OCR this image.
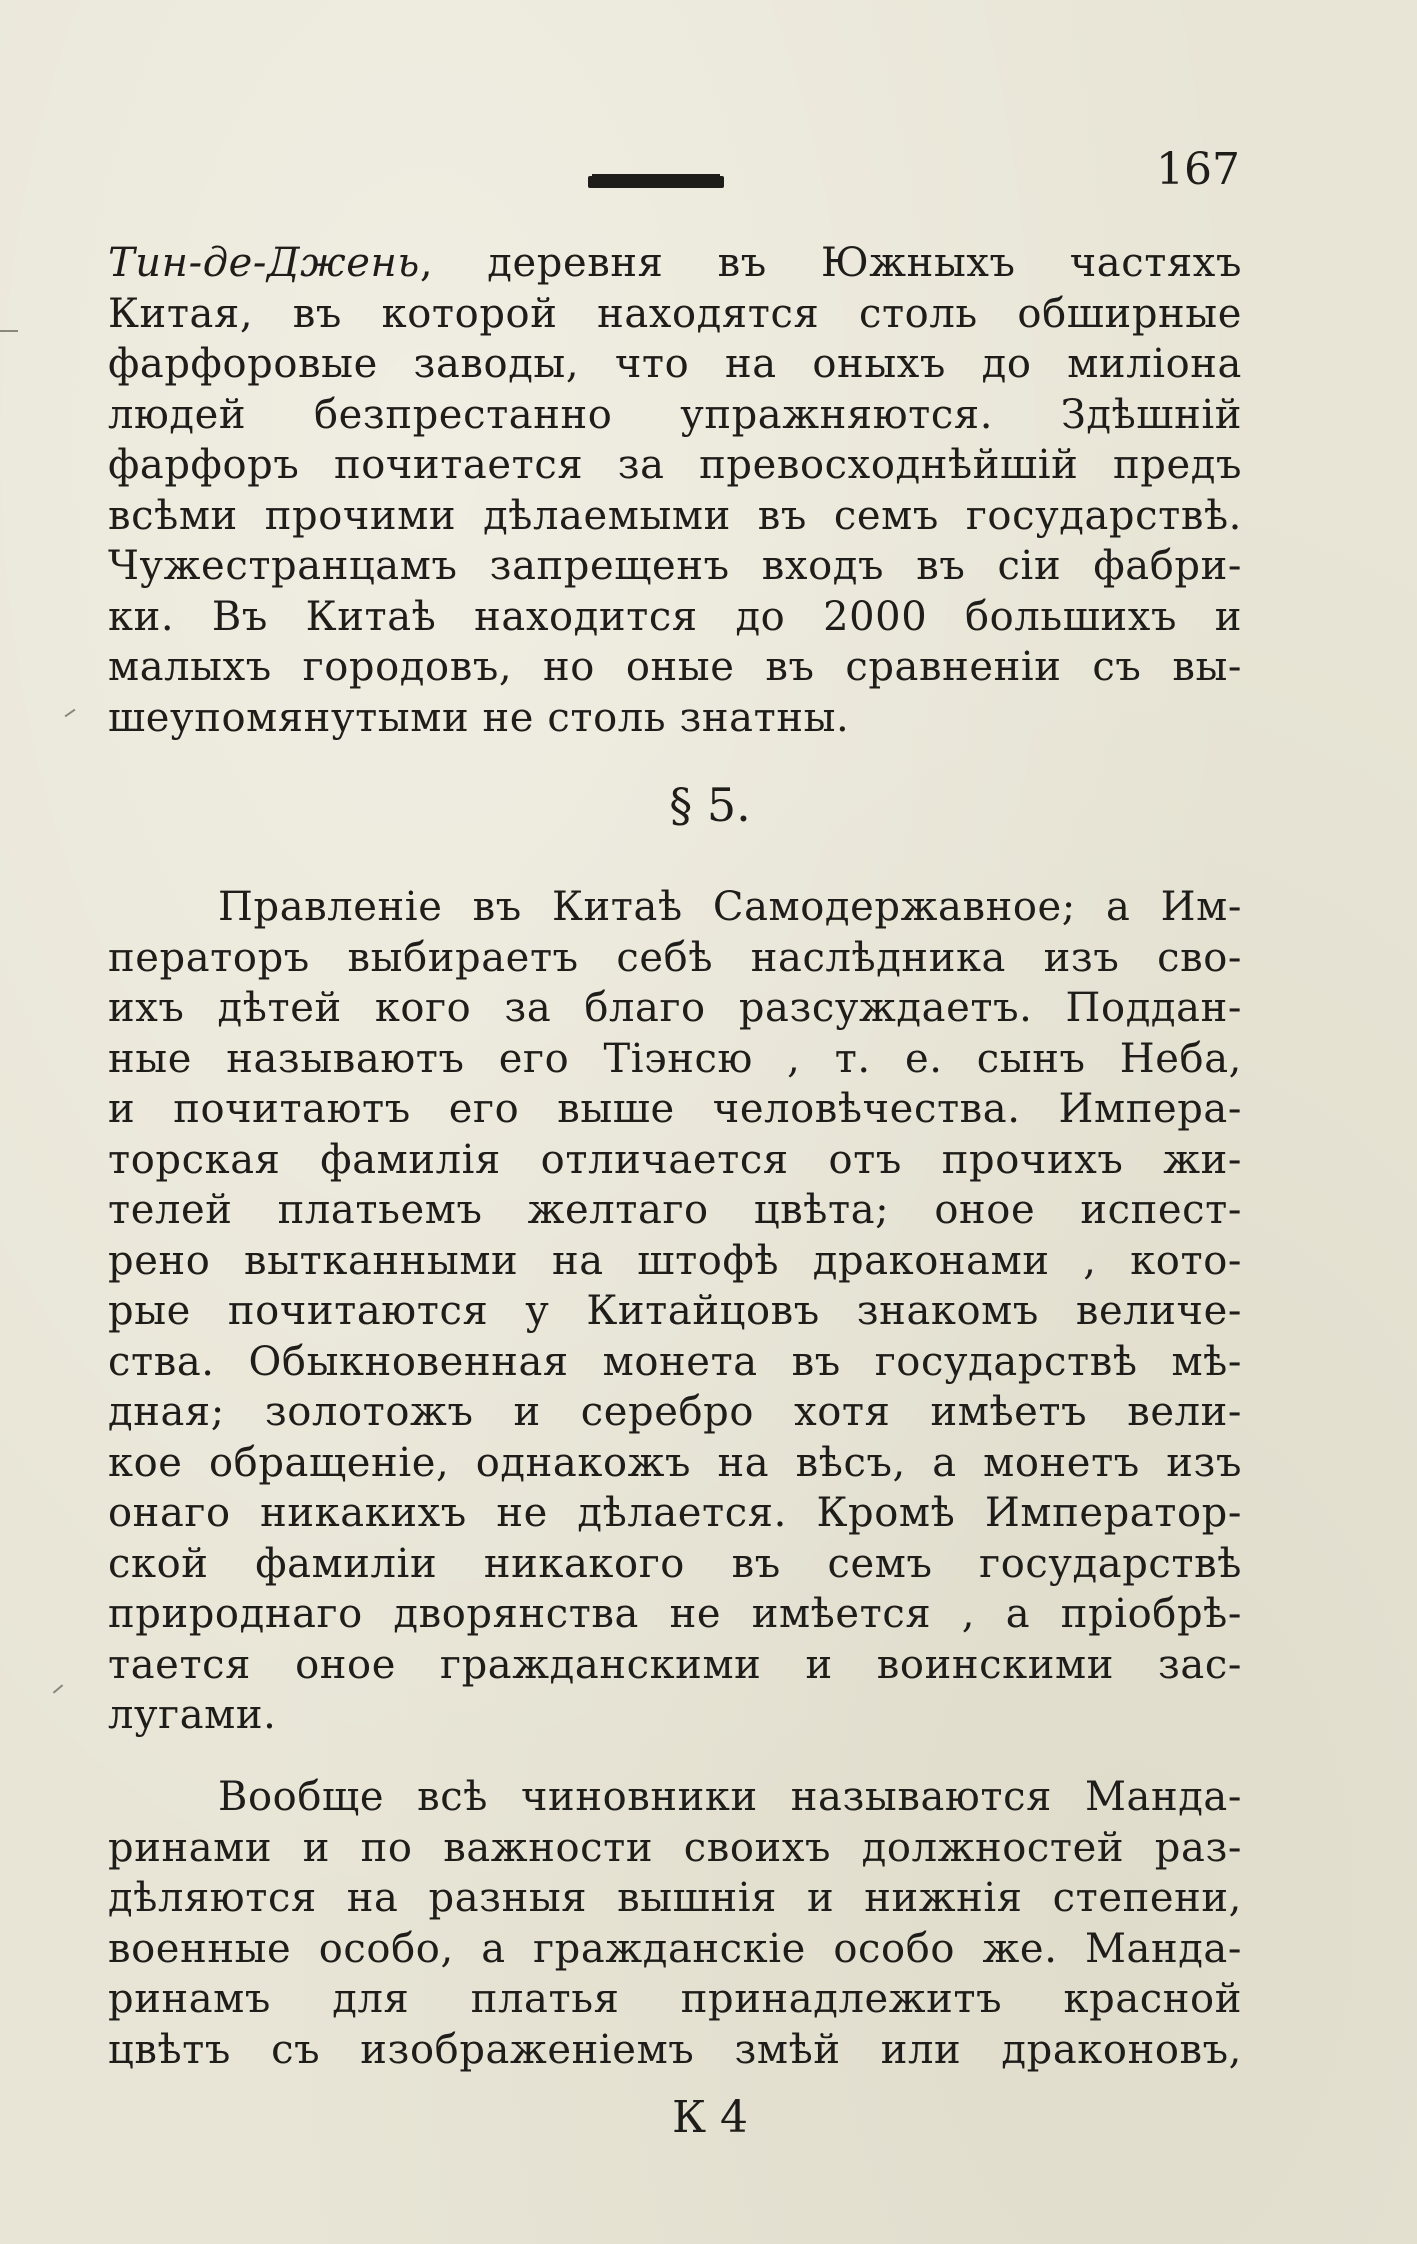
167
Тин-де-Джень, деревня въ Южныхъ частяхъ
Китая, въ которой находятся столь обширные
фарфоровые заводы, что на оныхъ до миліона
людей безпрестанно упражняются. Здѣшній
фарфоръ почитается за превосходнѣйшій предъ
всѣми прочими дѣлаемыми въ семъ государствѣ.
Чужестранцамъ запрещенъ входъ въ сіи фабри-
ки. Въ Китаѣ находится до 2000 большихъ и
малыхъ городовъ, но оные въ сравненіи съ вы-
шеупомянутыми не столь знатны.
§ 5.
Правленіе въ Китаѣ Самодержавное; а Им-
ператоръ выбираетъ себѣ наслѣдника изъ сво-
ихъ дѣтей кого за благо разсуждаетъ. Поддан-
ные называютъ его Тіэнсю , т. е. сынъ Неба,
и почитаютъ его выше человѣчества. Импера-
торская фамилія отличается отъ прочихъ жи-
телей платьемъ желтаго цвѣта; оное испест-
рено вытканными на штофѣ драконами , кото-
рые почитаются у Китайцовъ знакомъ величе-
ства. Обыкновенная монета въ государствѣ мѣ-
дная; золотожъ и серебро хотя имѣетъ вели-
кое обращеніе, однакожъ на вѣсъ, а монетъ изъ
онаго никакихъ не дѣлается. Кромѣ Император-
ской фамиліи никакого въ семъ государствѣ
природнаго дворянства не имѣется , а пріобрѣ-
тается оное гражданскими и воинскими зас-
лугами.
Вообще всѣ чиновники называются Манда-
ринами и по важности своихъ должностей раз-
дѣляются на разныя вышнія и нижнія степени,
военные особо, а гражданскіе особо же. Манда-
ринамъ для платья принадлежитъ красной
цвѣтъ съ изображеніемъ змѣй или драконовъ,
К 4
